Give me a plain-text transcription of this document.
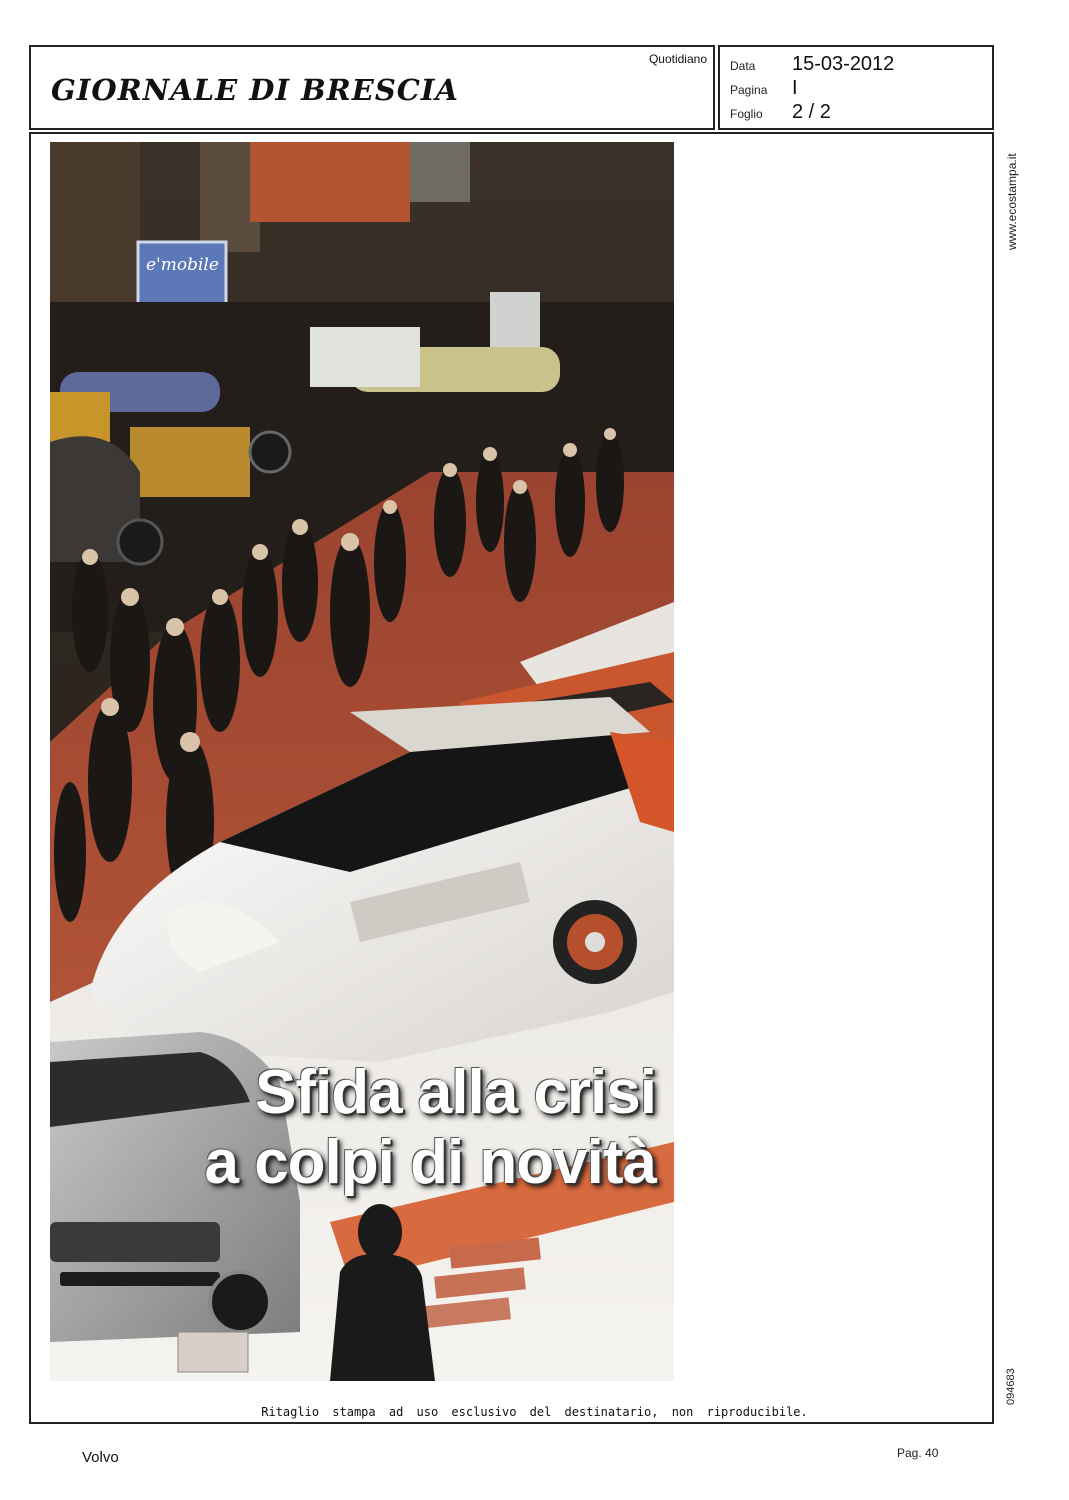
GIORNALE DI BRESCIA
Quotidiano Data	15-03-2012
Pagina	I
Foglio	2 / 2
www.ecostampa.it
094683
e'mobile
Sfida alla crisi
a colpi di novità
Ritaglio stampa ad uso esclusivo del destinatario, non riproducibile.
Volvo	Pag. 40
